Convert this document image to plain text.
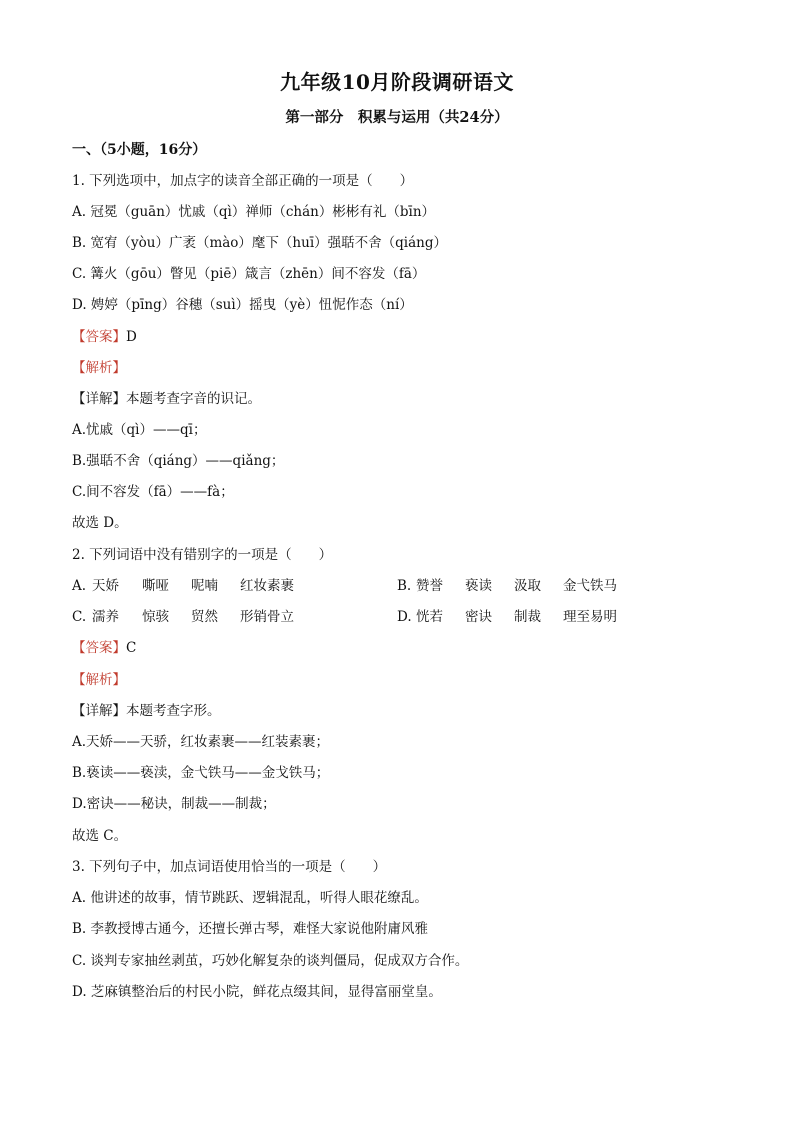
九年级10月阶段调研语文
第一部分　积累与运用（共24分）
一、（5小题，16分）
1. 下列选项中，加点字的读音全部正确的一项是（　　）
A. 冠冕（guān）忧戚（qì）禅师（chán）彬彬有礼（bīn）
B. 宽宥（yòu）广袤（mào）麾下（huī）强聒不舍（qiáng）
C. 篝火（gōu）瞥见（piē）箴言（zhēn）间不容发（fā）
D. 娉婷（pīng）谷穗（suì）摇曳（yè）忸怩作态（ní）
【答案】D
【解析】
【详解】本题考查字音的识记。
A.忧戚（qì）——qī；
B.强聒不舍（qiáng）——qiǎng；
C.间不容发（fā）——fà；
故选 D。
2. 下列词语中没有错别字的一项是（　　）
A. 天娇 嘶哑 呢喃 红妆素裹	B. 赞誉 亵读 汲取 金弋铁马
C. 濡养 惊骇 贸然 形销骨立	D. 恍若 密诀 制裁 理至易明
【答案】C
【解析】
【详解】本题考查字形。
A.天娇——天骄，红妆素裹——红装素裹；
B.亵读——亵渎，金弋铁马——金戈铁马；
D.密诀——秘诀，制裁——制裁；
故选 C。
3. 下列句子中，加点词语使用恰当的一项是（　　）
A. 他讲述的故事，情节跳跃、逻辑混乱，听得人眼花缭乱。
B. 李教授博古通今，还擅长弹古琴，难怪大家说他附庸风雅
C. 谈判专家抽丝剥茧，巧妙化解复杂的谈判僵局，促成双方合作。
D. 芝麻镇整治后的村民小院，鲜花点缀其间，显得富丽堂皇。
